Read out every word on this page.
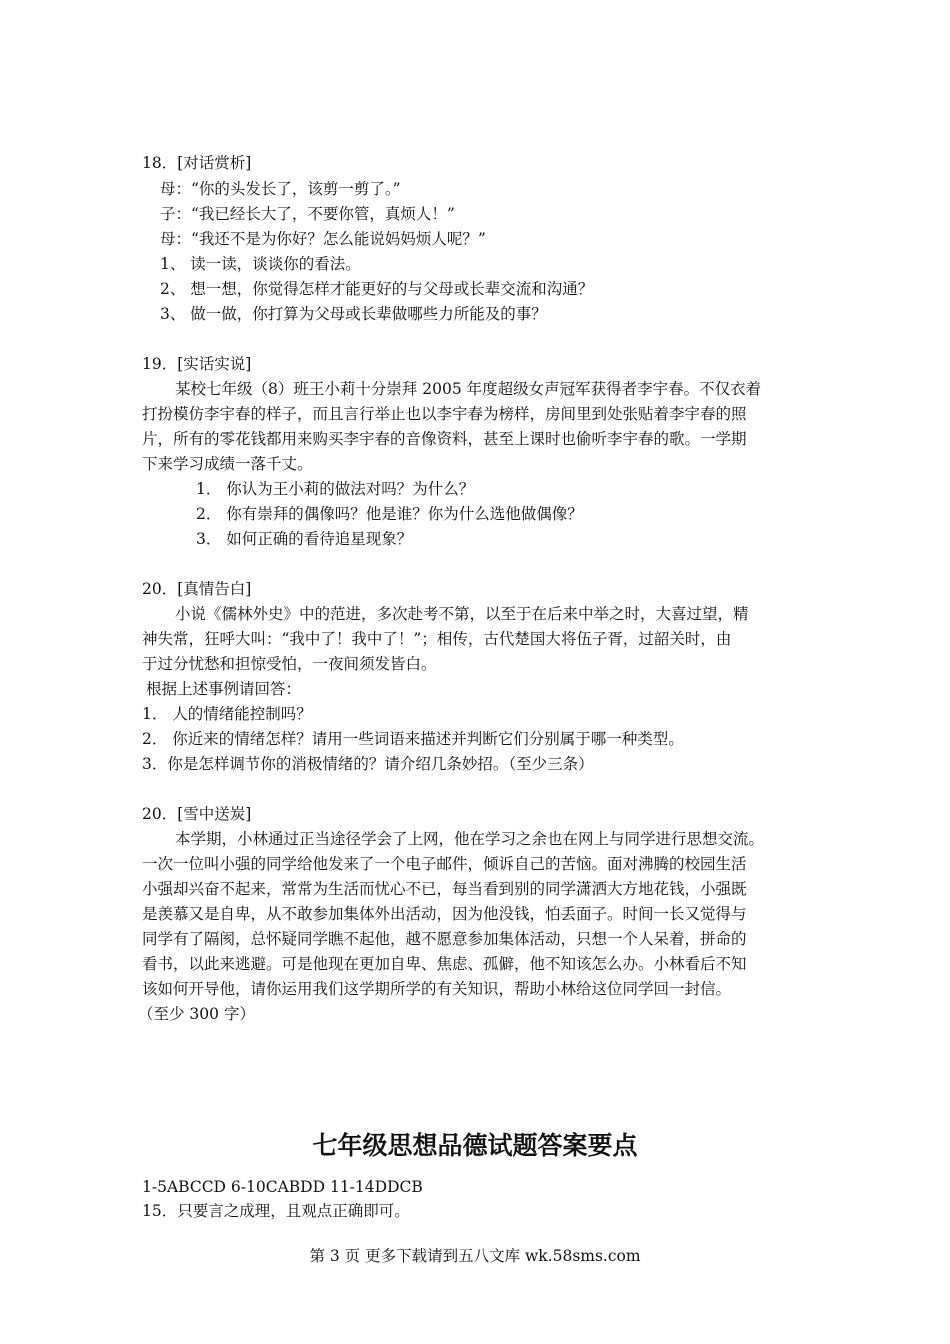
18．[对话赏析]
母：“你的头发长了，该剪一剪了。”
子：“我已经长大了，不要你管，真烦人！”
母：“我还不是为你好？怎么能说妈妈烦人呢？”
1、 读一读，谈谈你的看法。
2、 想一想，你觉得怎样才能更好的与父母或长辈交流和沟通？
3、 做一做，你打算为父母或长辈做哪些力所能及的事？
19．[实话实说]
某校七年级（8）班王小莉十分崇拜 2005 年度超级女声冠军获得者李宇春。不仅衣着
打扮模仿李宇春的样子，而且言行举止也以李宇春为榜样，房间里到处张贴着李宇春的照
片，所有的零花钱都用来购买李宇春的音像资料，甚至上课时也偷听李宇春的歌。一学期
下来学习成绩一落千丈。
1． 你认为王小莉的做法对吗？为什么？
2． 你有崇拜的偶像吗？他是谁？你为什么选他做偶像？
3． 如何正确的看待追星现象？
20．[真情告白]
小说《儒林外史》中的范进，多次赴考不第，以至于在后来中举之时，大喜过望，精
神失常，狂呼大叫：“我中了！我中了！”；相传，古代楚国大将伍子胥，过韶关时，由
于过分忧愁和担惊受怕，一夜间须发皆白。
根据上述事例请回答：
1． 人的情绪能控制吗？
2． 你近来的情绪怎样？请用一些词语来描述并判断它们分别属于哪一种类型。
3．你是怎样调节你的消极情绪的？请介绍几条妙招。（至少三条）
20．[雪中送炭]
本学期，小林通过正当途径学会了上网，他在学习之余也在网上与同学进行思想交流。
一次一位叫小强的同学给他发来了一个电子邮件，倾诉自己的苦恼。面对沸腾的校园生活
小强却兴奋不起来，常常为生活而忧心不已，每当看到别的同学潇洒大方地花钱，小强既
是羡慕又是自卑，从不敢参加集体外出活动，因为他没钱，怕丢面子。时间一长又觉得与
同学有了隔阂，总怀疑同学瞧不起他，越不愿意参加集体活动，只想一个人呆着，拼命的
看书，以此来逃避。可是他现在更加自卑、焦虑、孤僻，他不知该怎么办。小林看后不知
该如何开导他，请你运用我们这学期所学的有关知识，帮助小林给这位同学回一封信。
（至少 300 字）
七年级思想品德试题答案要点
1-5ABCCD 6-10CABDD 11-14DDCB
15．只要言之成理，且观点正确即可。
第 3 页 更多下载请到五八文库 wk.58sms.com
